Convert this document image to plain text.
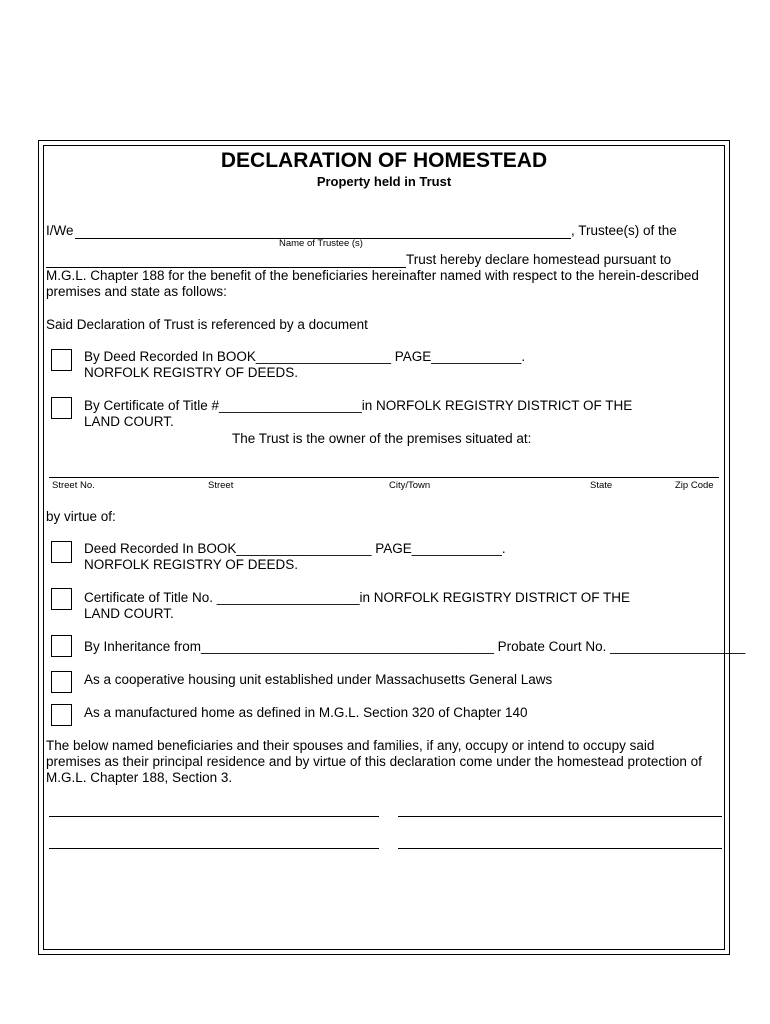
DECLARATION OF HOMESTEAD
Property held in Trust
I/We	, Trustee(s) of the
Name of Trustee (s)
Trust hereby declare homestead pursuant to
M.G.L. Chapter 188 for the benefit of the beneficiaries hereinafter named with respect to the herein-described
premises and state as follows:
Said Declaration of Trust is referenced by a document
By Deed Recorded In BOOK__________________ PAGE____________.
NORFOLK REGISTRY OF DEEDS.
By Certificate of Title #___________________in NORFOLK REGISTRY DISTRICT OF THE
LAND COURT.
The Trust is the owner of the premises situated at:
Street No.	Street	City/Town	State	Zip Code
by virtue of:
Deed Recorded In BOOK__________________ PAGE____________.
NORFOLK REGISTRY OF DEEDS.
Certificate of Title No. ___________________in NORFOLK REGISTRY DISTRICT OF THE
LAND COURT.
By Inheritance from_______________________________________ Probate Court No. __________________
As a cooperative housing unit established under Massachusetts General Laws
As a manufactured home as defined in M.G.L. Section 320 of Chapter 140
The below named beneficiaries and their spouses and families, if any, occupy or intend to occupy said
premises as their principal residence and by virtue of this declaration come under the homestead protection of
M.G.L. Chapter 188, Section 3.
